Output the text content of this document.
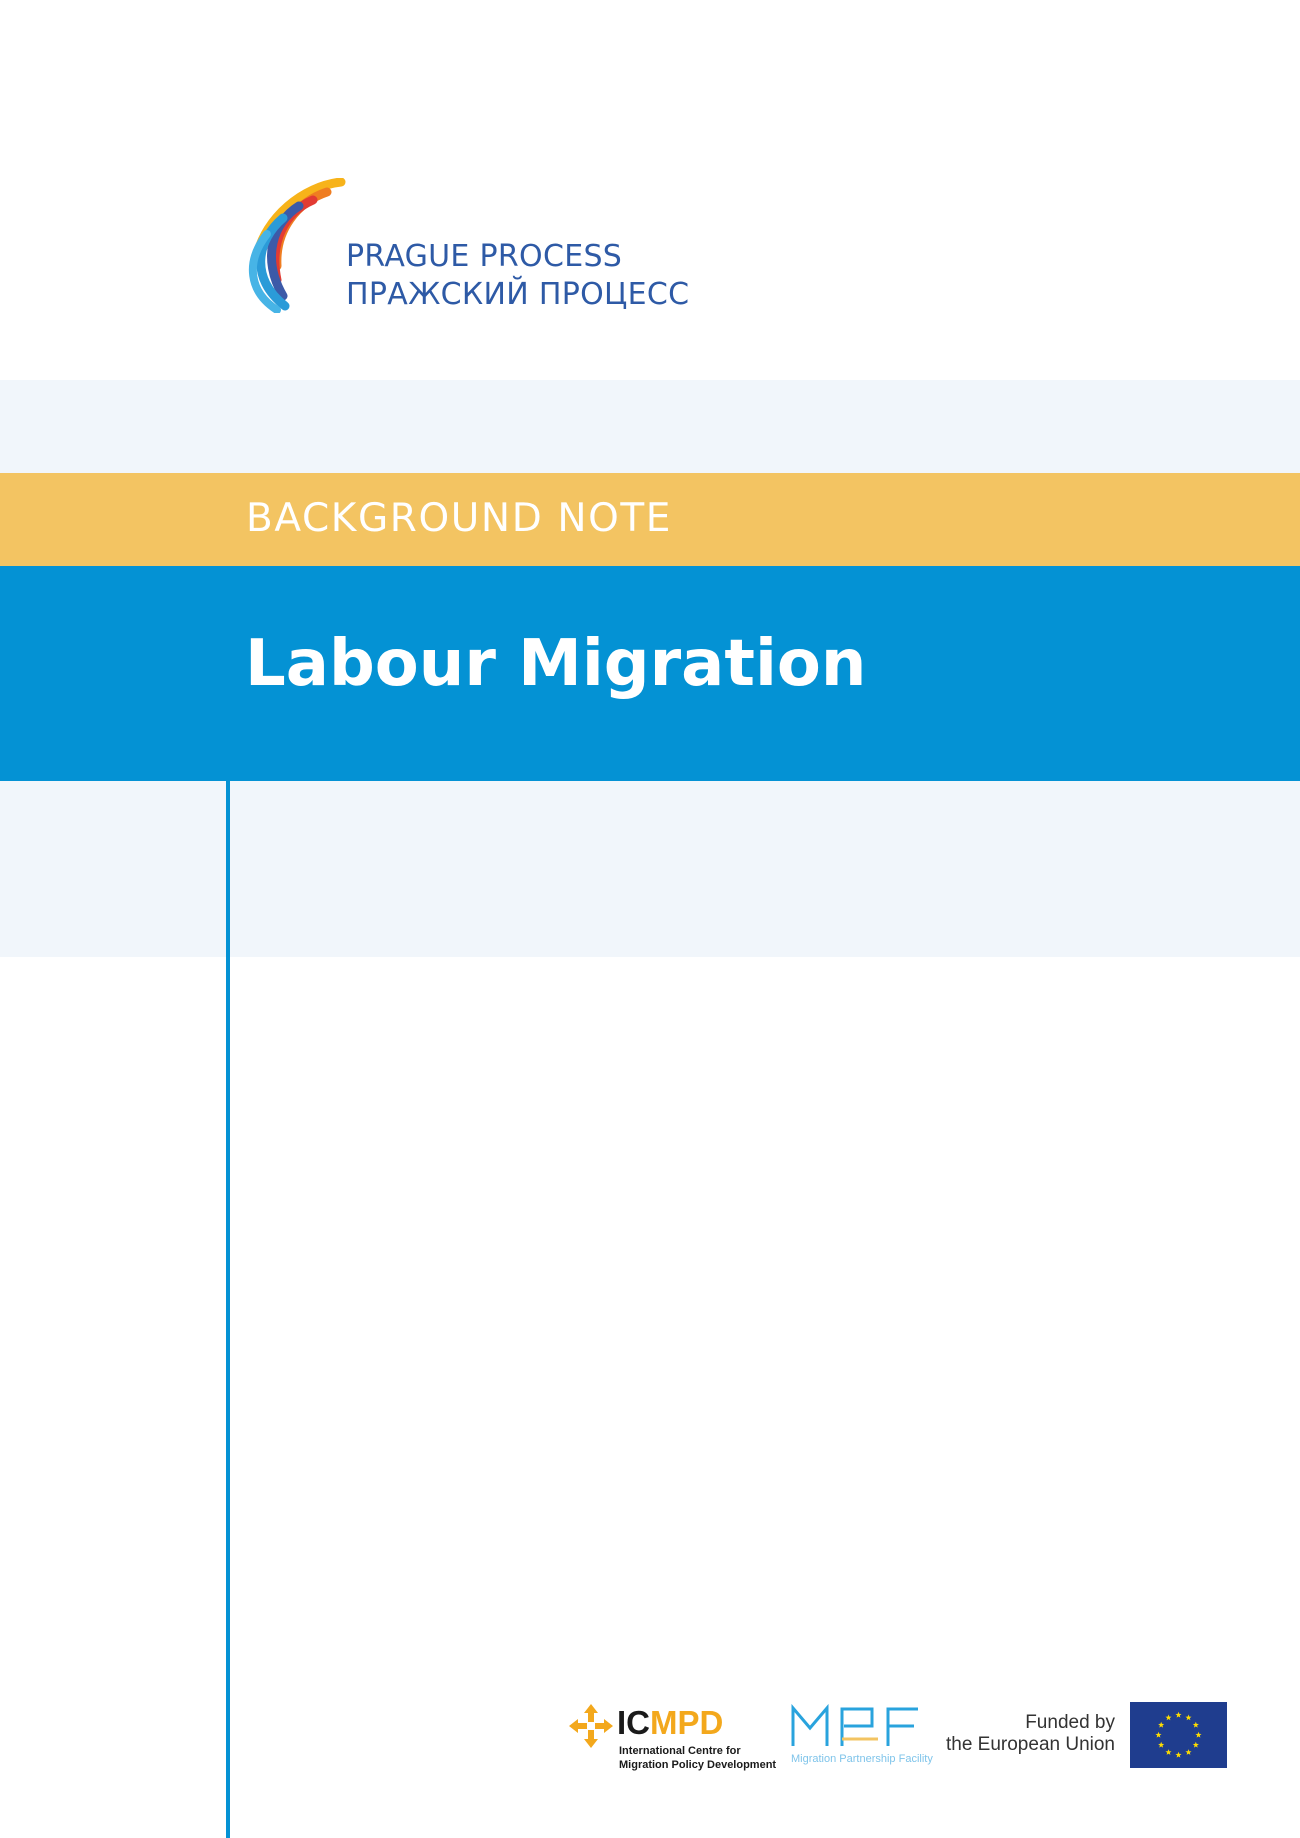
PRAGUE PROCESS
ПРАЖСКИЙ ПРОЦЕСС
BACKGROUND NOTE
Labour Migration
ICMPD
International Centre for
Migration Policy Development Migration Partnership Facility
Funded by
the European Union
